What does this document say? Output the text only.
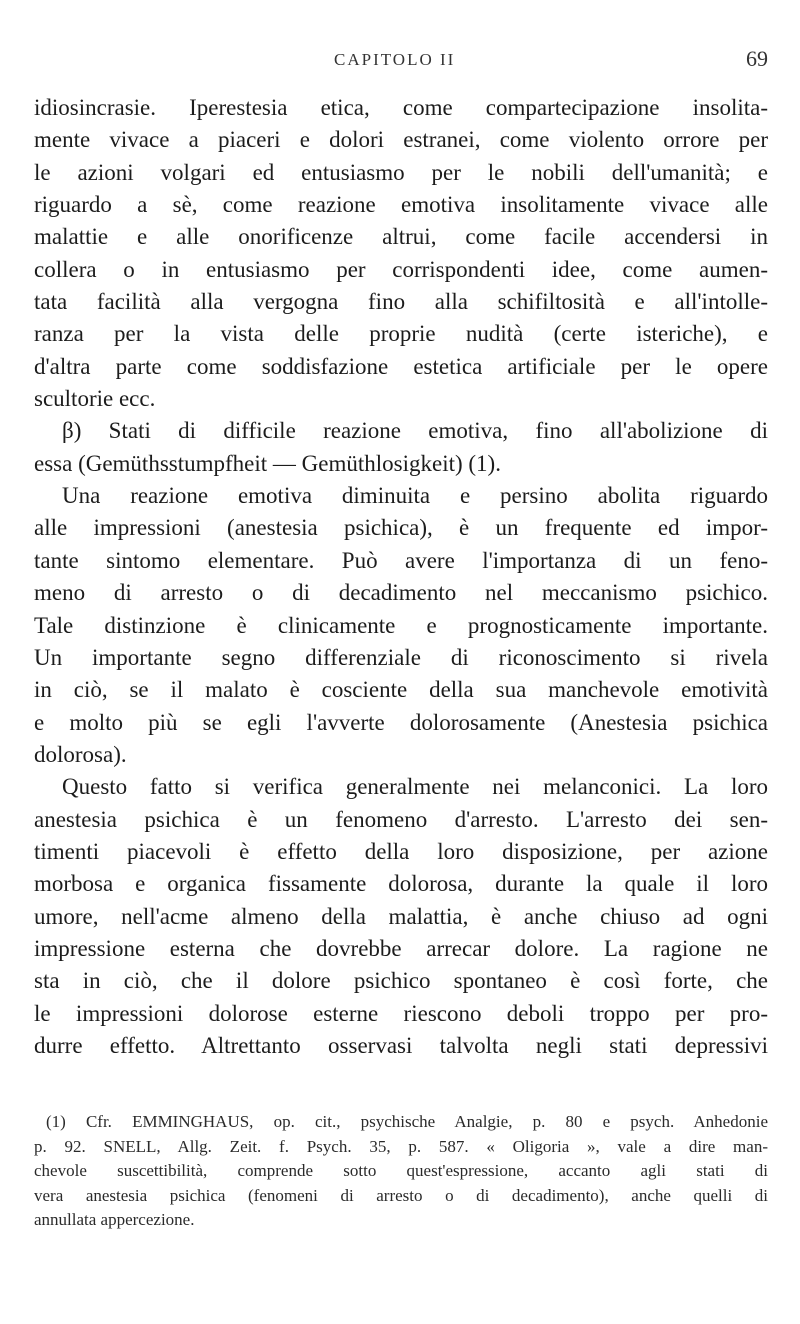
CAPITOLO II	69
idiosincrasie. Iperestesia etica, come compartecipazione insolita-
mente vivace a piaceri e dolori estranei, come violento orrore per
le azioni volgari ed entusiasmo per le nobili dell'umanità; e
riguardo a sè, come reazione emotiva insolitamente vivace alle
malattie e alle onorificenze altrui, come facile accendersi in
collera o in entusiasmo per corrispondenti idee, come aumen-
tata facilità alla vergogna fino alla schifiltosità e all'intolle-
ranza per la vista delle proprie nudità (certe isteriche), e
d'altra parte come soddisfazione estetica artificiale per le opere
scultorie ecc.
β) Stati di difficile reazione emotiva, fino all'abolizione di
essa (Gemüthsstumpfheit — Gemüthlosigkeit) (1).
Una reazione emotiva diminuita e persino abolita riguardo
alle impressioni (anestesia psichica), è un frequente ed impor-
tante sintomo elementare. Può avere l'importanza di un feno-
meno di arresto o di decadimento nel meccanismo psichico.
Tale distinzione è clinicamente e prognosticamente importante.
Un importante segno differenziale di riconoscimento si rivela
in ciò, se il malato è cosciente della sua manchevole emotività
e molto più se egli l'avverte dolorosamente (Anestesia psichica
dolorosa).
Questo fatto si verifica generalmente nei melanconici. La loro
anestesia psichica è un fenomeno d'arresto. L'arresto dei sen-
timenti piacevoli è effetto della loro disposizione, per azione
morbosa e organica fissamente dolorosa, durante la quale il loro
umore, nell'acme almeno della malattia, è anche chiuso ad ogni
impressione esterna che dovrebbe arrecar dolore. La ragione ne
sta in ciò, che il dolore psichico spontaneo è così forte, che
le impressioni dolorose esterne riescono deboli troppo per pro-
durre effetto. Altrettanto osservasi talvolta negli stati depressivi
(1) Cfr. EMMINGHAUS, op. cit., psychische Analgie, p. 80 e psych. Anhedonie
p. 92. SNELL, Allg. Zeit. f. Psych. 35, p. 587. « Oligoria », vale a dire man-
chevole suscettibilità, comprende sotto quest'espressione, accanto agli stati di
vera anestesia psichica (fenomeni di arresto o di decadimento), anche quelli di
annullata appercezione.
